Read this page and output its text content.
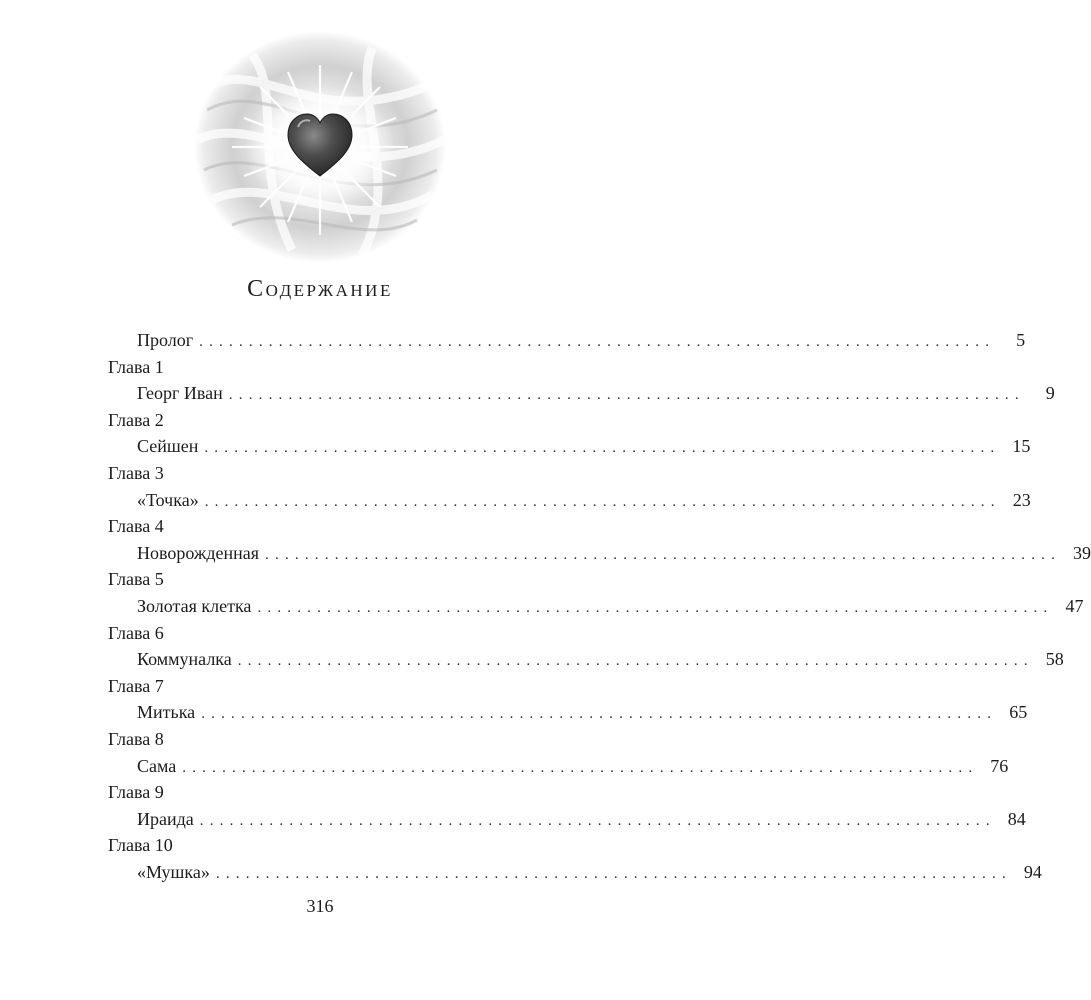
Содержание
Пролог ................................................................................	5
Глава 1
Георг Иван ................................................................................	9
Глава 2
Сейшен ................................................................................ 15
Глава 3
«Точка» ................................................................................ 23
Глава 4
Новорожденная ................................................................................ 39
Глава 5
Золотая клетка ................................................................................ 47
Глава 6
Коммуналка ................................................................................ 58
Глава 7
Митька ................................................................................ 65
Глава 8
Сама ................................................................................ 76
Глава 9
Ираида ................................................................................ 84
Глава 10
«Мушка» ................................................................................ 94
316
